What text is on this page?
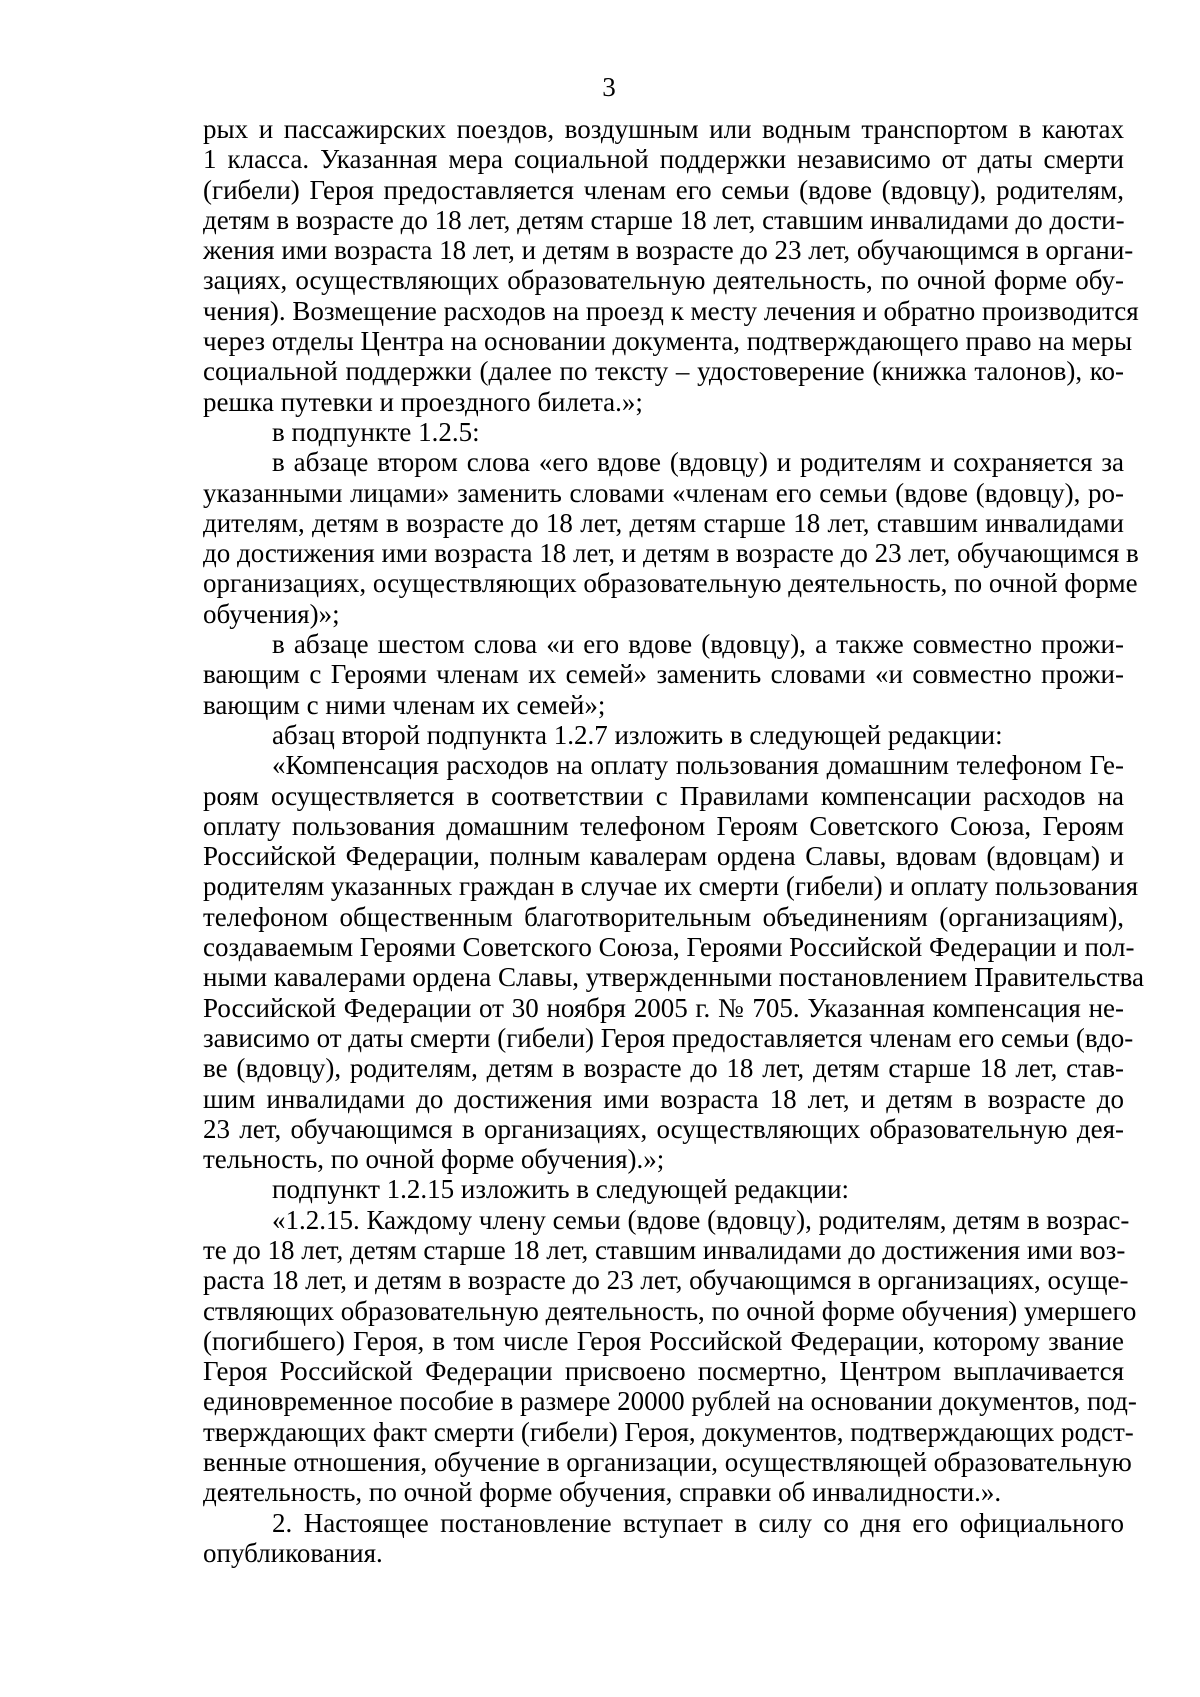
3
рых и пассажирских поездов, воздушным или водным транспортом в каютах
1 класса. Указанная мера социальной поддержки независимо от даты смерти
(гибели) Героя предоставляется членам его семьи (вдове (вдовцу), родителям,
детям в возрасте до 18 лет, детям старше 18 лет, ставшим инвалидами до дости-
жения ими возраста 18 лет, и детям в возрасте до 23 лет, обучающимся в органи-
зациях, осуществляющих образовательную деятельность, по очной форме обу-
чения). Возмещение расходов на проезд к месту лечения и обратно производится
через отделы Центра на основании документа, подтверждающего право на меры
социальной поддержки (далее по тексту – удостоверение (книжка талонов), ко-
решка путевки и проездного билета.»;
в подпункте 1.2.5:
в абзаце втором слова «его вдове (вдовцу) и родителям и сохраняется за
указанными лицами» заменить словами «членам его семьи (вдове (вдовцу), ро-
дителям, детям в возрасте до 18 лет, детям старше 18 лет, ставшим инвалидами
до достижения ими возраста 18 лет, и детям в возрасте до 23 лет, обучающимся в
организациях, осуществляющих образовательную деятельность, по очной форме
обучения)»;
в абзаце шестом слова «и его вдове (вдовцу), а также совместно прожи-
вающим с Героями членам их семей» заменить словами «и совместно прожи-
вающим с ними членам их семей»;
абзац второй подпункта 1.2.7 изложить в следующей редакции:
«Компенсация расходов на оплату пользования домашним телефоном Ге-
роям осуществляется в соответствии с Правилами компенсации расходов на
оплату пользования домашним телефоном Героям Советского Союза, Героям
Российской Федерации, полным кавалерам ордена Славы, вдовам (вдовцам) и
родителям указанных граждан в случае их смерти (гибели) и оплату пользования
телефоном общественным благотворительным объединениям (организациям),
создаваемым Героями Советского Союза, Героями Российской Федерации и пол-
ными кавалерами ордена Славы, утвержденными постановлением Правительства
Российской Федерации от 30 ноября 2005 г. № 705. Указанная компенсация не-
зависимо от даты смерти (гибели) Героя предоставляется членам его семьи (вдо-
ве (вдовцу), родителям, детям в возрасте до 18 лет, детям старше 18 лет, став-
шим инвалидами до достижения ими возраста 18 лет, и детям в возрасте до
23 лет, обучающимся в организациях, осуществляющих образовательную дея-
тельность, по очной форме обучения).»;
подпункт 1.2.15 изложить в следующей редакции:
«1.2.15. Каждому члену семьи (вдове (вдовцу), родителям, детям в возрас-
те до 18 лет, детям старше 18 лет, ставшим инвалидами до достижения ими воз-
раста 18 лет, и детям в возрасте до 23 лет, обучающимся в организациях, осуще-
ствляющих образовательную деятельность, по очной форме обучения) умершего
(погибшего) Героя, в том числе Героя Российской Федерации, которому звание
Героя Российской Федерации присвоено посмертно, Центром выплачивается
единовременное пособие в размере 20000 рублей на основании документов, под-
тверждающих факт смерти (гибели) Героя, документов, подтверждающих родст-
венные отношения, обучение в организации, осуществляющей образовательную
деятельность, по очной форме обучения, справки об инвалидности.».
2. Настоящее постановление вступает в силу со дня его официального
опубликования.
